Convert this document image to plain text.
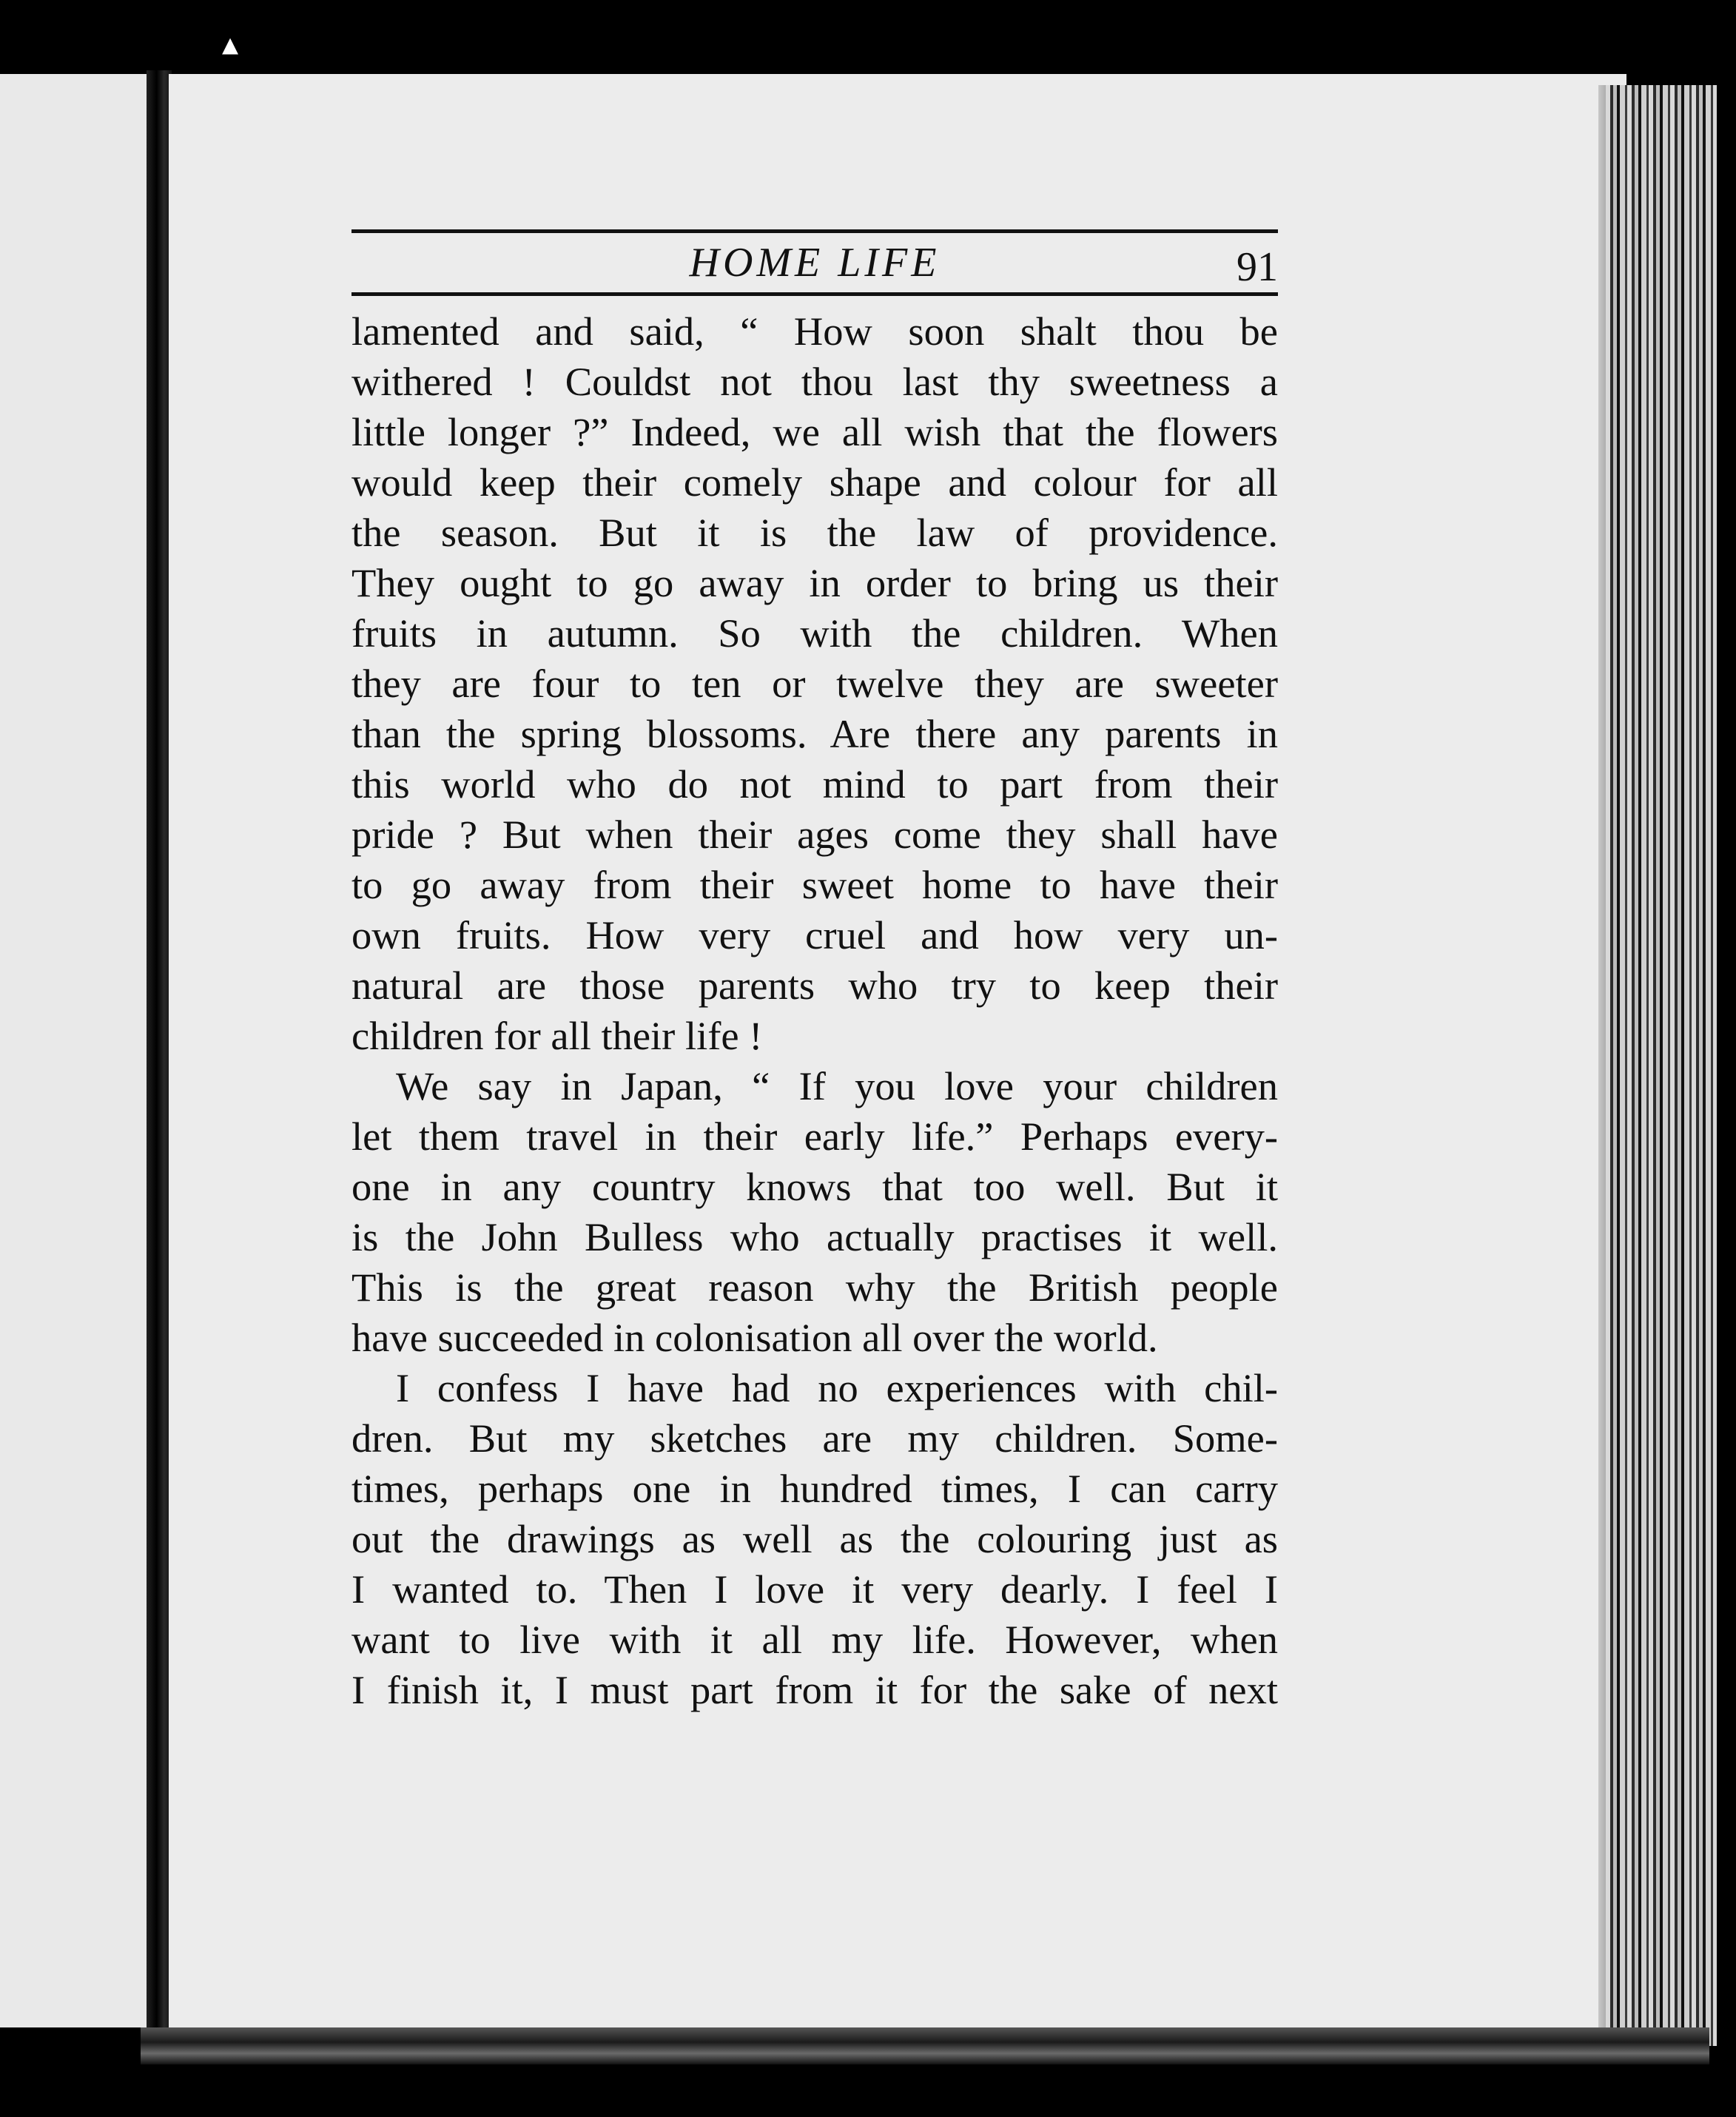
▴
HOME LIFE	91
lamented and said, “ How soon shalt thou be
withered ! Couldst not thou last thy sweetness a
little longer ?” Indeed, we all wish that the flowers
would keep their comely shape and colour for all
the season. But it is the law of providence.
They ought to go away in order to bring us their
fruits in autumn. So with the children. When
they are four to ten or twelve they are sweeter
than the spring blossoms. Are there any parents in
this world who do not mind to part from their
pride ? But when their ages come they shall have
to go away from their sweet home to have their
own fruits. How very cruel and how very un-
natural are those parents who try to keep their
children for all their life !
We say in Japan, “ If you love your children
let them travel in their early life.” Perhaps every-
one in any country knows that too well. But it
is the John Bulless who actually practises it well.
This is the great reason why the British people
have succeeded in colonisation all over the world.
I confess I have had no experiences with chil-
dren. But my sketches are my children. Some-
times, perhaps one in hundred times, I can carry
out the drawings as well as the colouring just as
I wanted to. Then I love it very dearly. I feel I
want to live with it all my life. However, when
I finish it, I must part from it for the sake of next
